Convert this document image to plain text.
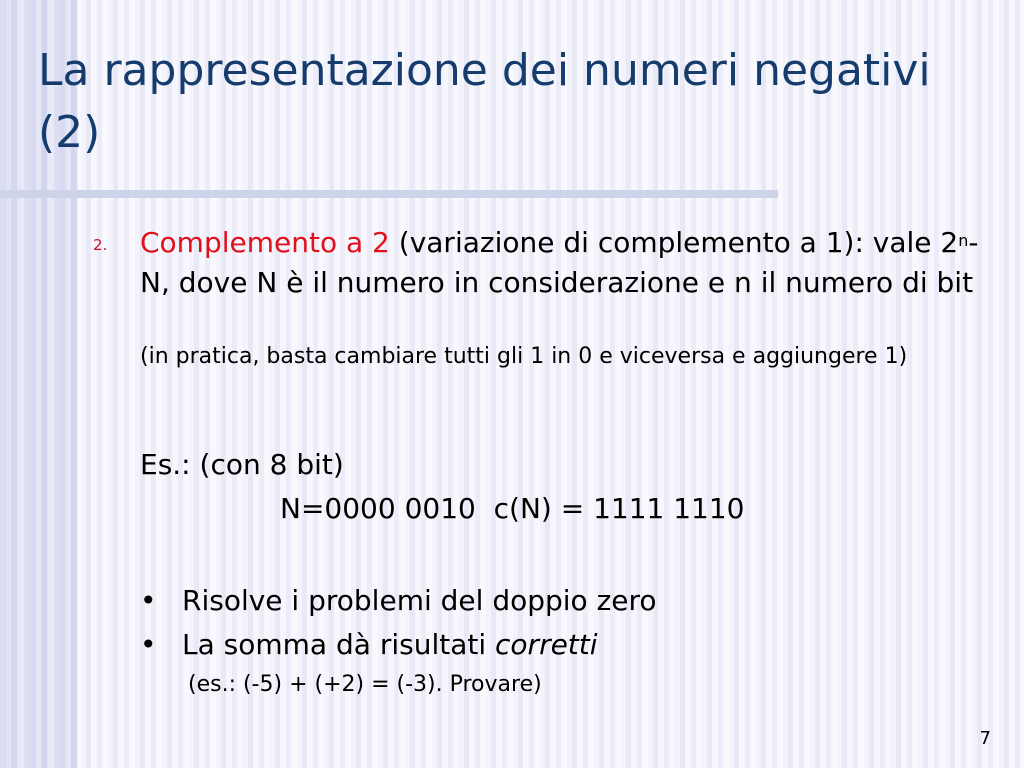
La rappresentazione dei numeri negativi (2)
2. Complemento a 2 (variazione di complemento a 1): vale 2$^n$-N, dove N è il numero in considerazione e n il numero di bit
(in pratica, basta cambiare tutti gli 1 in 0 e viceversa e aggiungere 1)
Es.: (con 8 bit)
N=0000 0010  c(N) = 1111 1110
• Risolve i problemi del doppio zero
• La somma dà risultati corretti
(es.: (-5) + (+2) = (-3). Provare)
7
